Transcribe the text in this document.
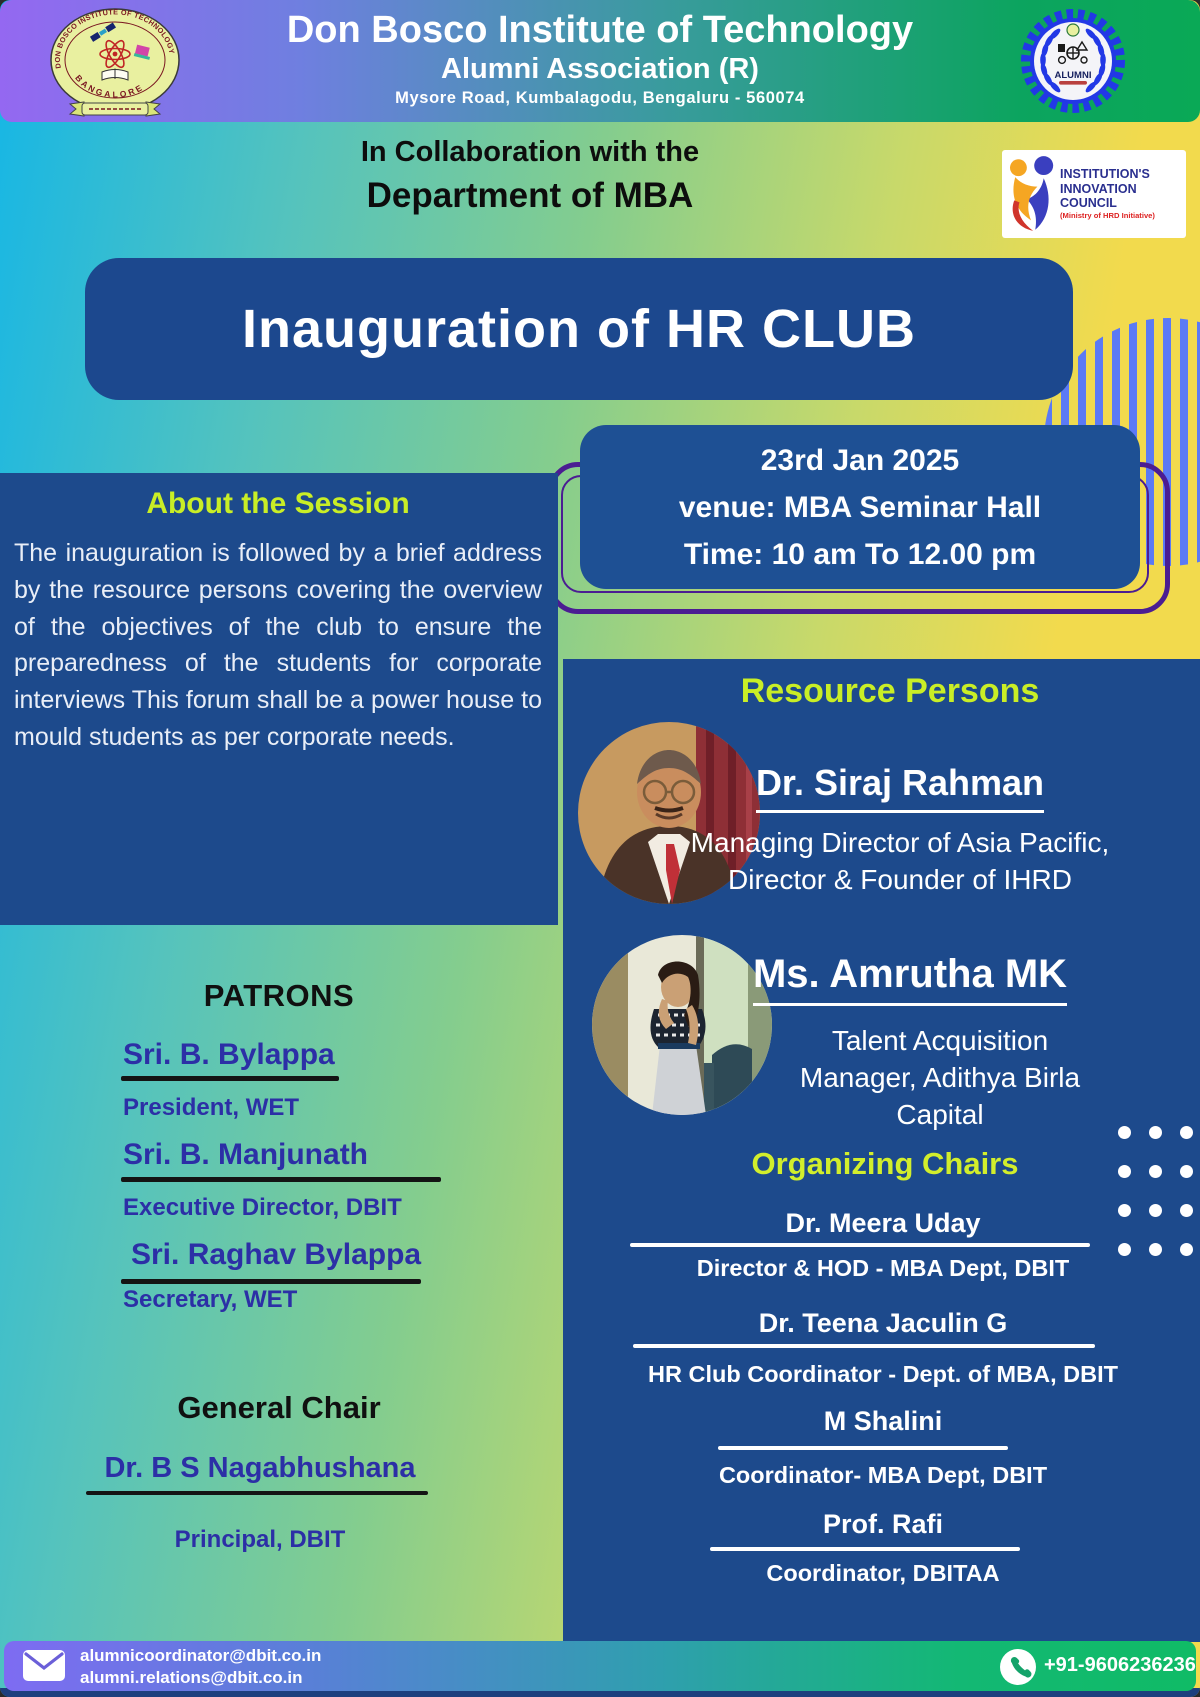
DON BOSCO INSTITUTE OF TECHNOLOGY
BANGALORE
Don Bosco Institute of Technology
Alumni Association (R)
Mysore Road, Kumbalagodu, Bengaluru - 560074
ALUMNI
In Collaboration with the
Department of MBA
INSTITUTION'S
INNOVATION
COUNCIL
(Ministry of HRD Initiative)
Inauguration of HR CLUB
23rd Jan 2025
venue: MBA Seminar Hall
Time: 10 am To 12.00 pm
About the Session
The inauguration is followed by a brief address by the resource persons covering the overview of the objectives of the club to ensure the preparedness of the students for corporate interviews This forum shall be a power house to mould students as per corporate needs.
PATRONS
Sri. B. Bylappa
President, WET
Sri. B. Manjunath
Executive Director, DBIT
Sri. Raghav Bylappa
Secretary, WET
General Chair
Dr. B S Nagabhushana
Principal, DBIT
Resource Persons
Dr. Siraj Rahman
Managing Director of Asia Pacific, Director & Founder of IHRD
Ms. Amrutha MK
Talent Acquisition Manager, Adithya Birla Capital
Organizing Chairs
Dr. Meera Uday
Director & HOD - MBA Dept, DBIT
Dr. Teena Jaculin G
HR Club Coordinator - Dept. of MBA, DBIT
M Shalini
Coordinator- MBA Dept, DBIT
Prof. Rafi
Coordinator, DBITAA
alumnicoordinator@dbit.co.in
alumni.relations@dbit.co.in
+91-9606236236
